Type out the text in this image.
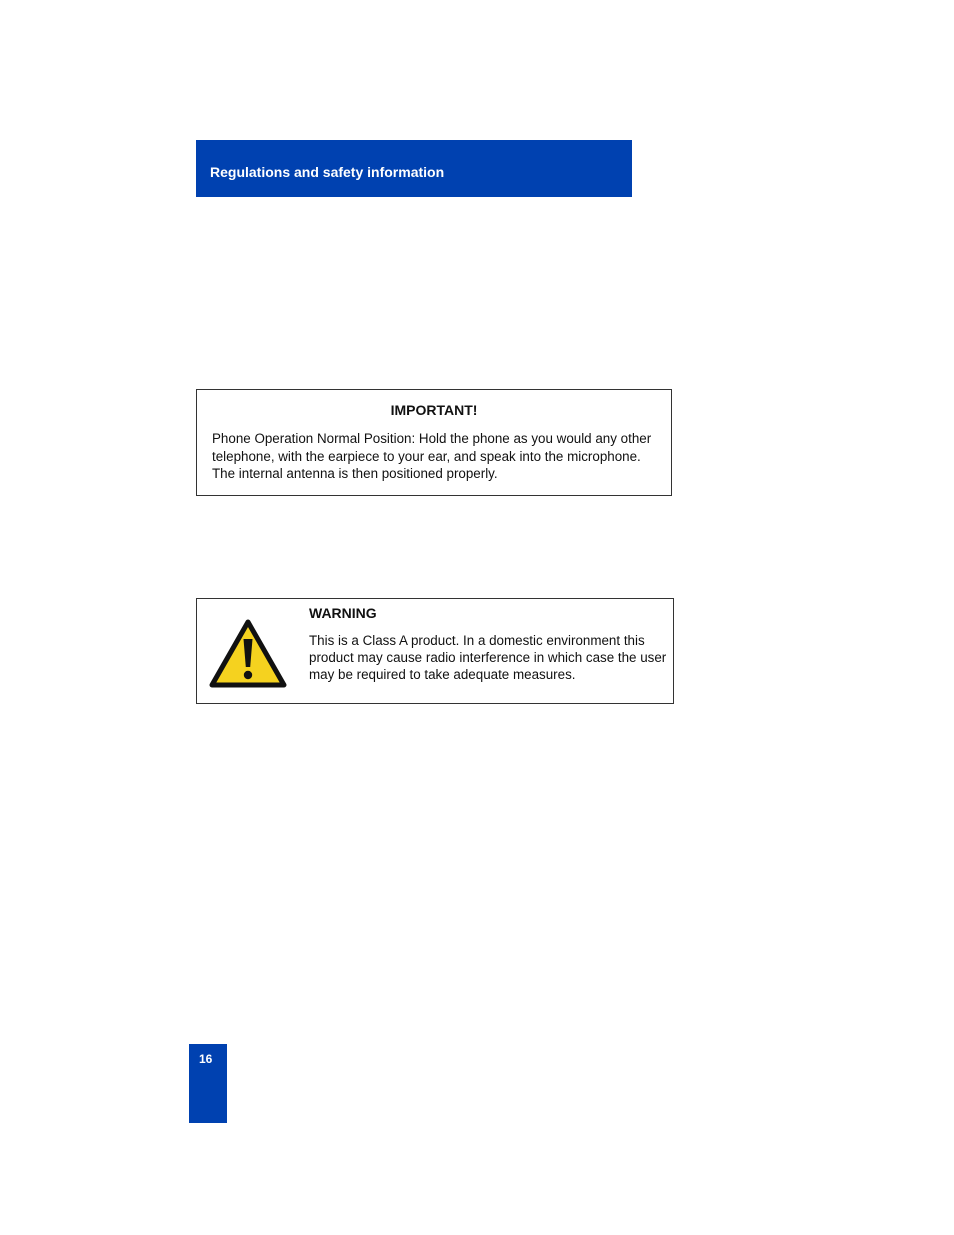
Regulations and safety information
IMPORTANT!
Phone Operation Normal Position: Hold the phone as you would any other telephone, with the earpiece to your ear, and speak into the microphone. The internal antenna is then positioned properly.
WARNING
This is a Class A product. In a domestic environment this product may cause radio interference in which case the user may be required to take adequate measures.
16
